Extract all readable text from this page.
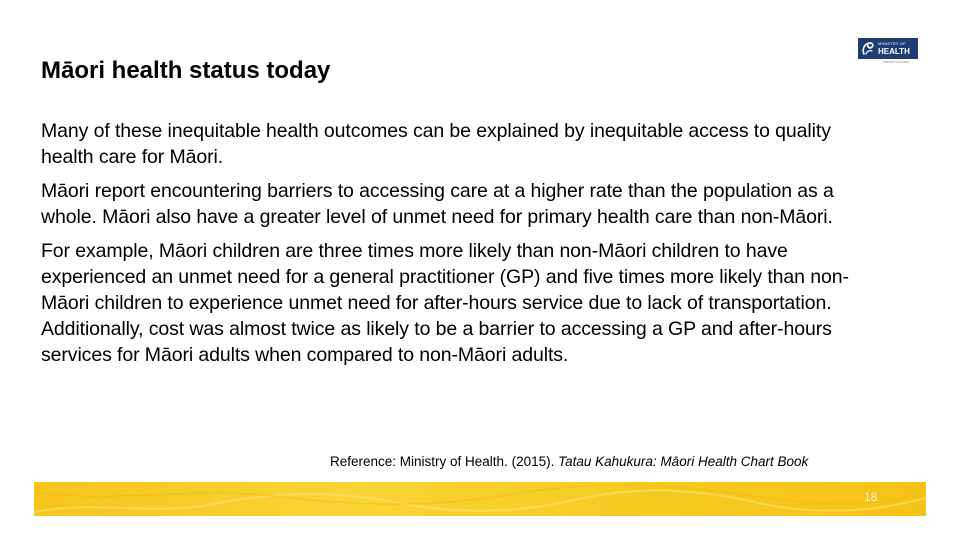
Māori health status today
MINISTRY OF
HEALTH
MANATŪ HAUORA

Many of these inequitable health outcomes can be explained by inequitable access to quality health care for Māori.

Māori report encountering barriers to accessing care at a higher rate than the population as a whole. Māori also have a greater level of unmet need for primary health care than non-Māori.

For example, Māori children are three times more likely than non-Māori children to have experienced an unmet need for a general practitioner (GP) and five times more likely than non-Māori children to experience unmet need for after-hours service due to lack of transportation. Additionally, cost was almost twice as likely to be a barrier to accessing a GP and after-hours services for Māori adults when compared to non-Māori adults.

Reference: Ministry of Health. (2015). Tatau Kahukura: Māori Health Chart Book
18
